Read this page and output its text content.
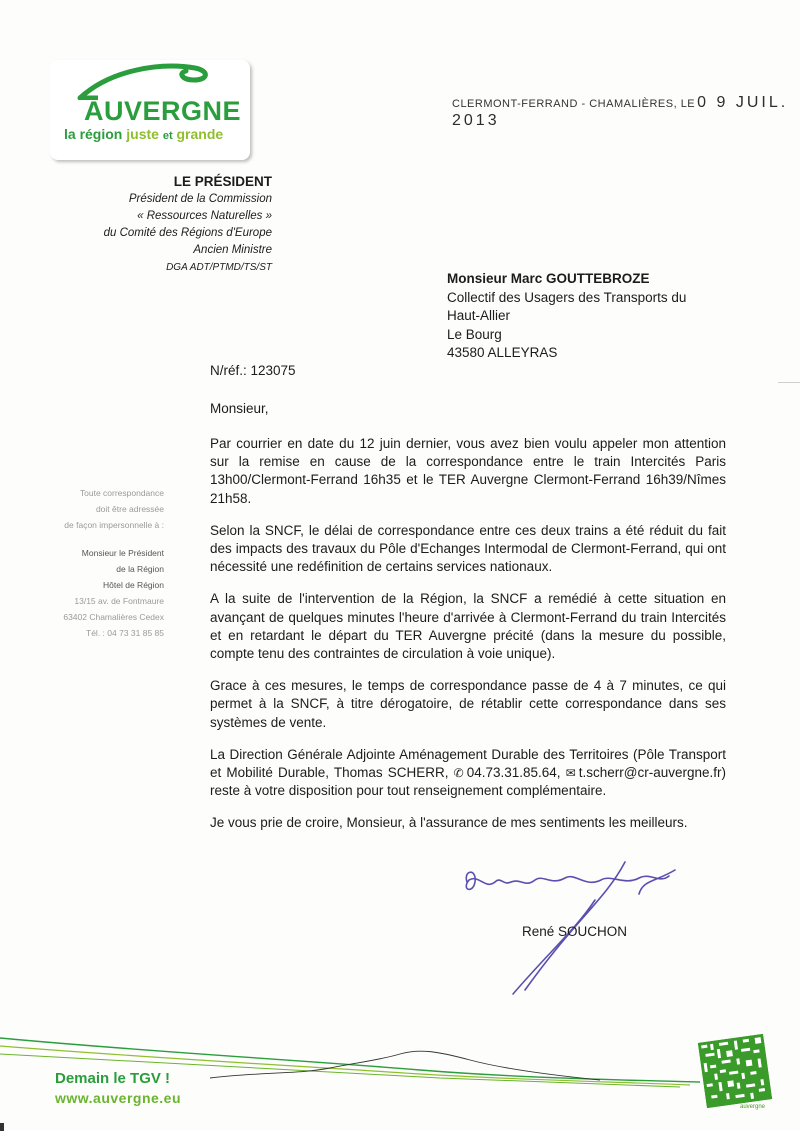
AUVERGNE
la région juste et grande
CLERMONT-FERRAND - CHAMALIÈRES, LE 0 9 JUIL. 2013
LE PRÉSIDENT
Président de la Commission
« Ressources Naturelles »
du Comité des Régions d'Europe
Ancien Ministre
DGA ADT/PTMD/TS/ST
Monsieur Marc GOUTTEBROZE
Collectif des Usagers des Transports du
Haut-Allier
Le Bourg
43580 ALLEYRAS
N/réf.: 123075
Monsieur,

Par courrier en date du 12 juin dernier, vous avez bien voulu appeler mon attention sur la remise en cause de la correspondance entre le train Intercités Paris 13h00/Clermont-Ferrand 16h35 et le TER Auvergne Clermont-Ferrand 16h39/Nîmes 21h58.

Selon la SNCF, le délai de correspondance entre ces deux trains a été réduit du fait des impacts des travaux du Pôle d'Echanges Intermodal de Clermont-Ferrand, qui ont nécessité une redéfinition de certains services nationaux.

A la suite de l'intervention de la Région, la SNCF a remédié à cette situation en avançant de quelques minutes l'heure d'arrivée à Clermont-Ferrand du train Intercités et en retardant le départ du TER Auvergne précité (dans la mesure du possible, compte tenu des contraintes de circulation à voie unique).

Grace à ces mesures, le temps de correspondance passe de 4 à 7 minutes, ce qui permet à la SNCF, à titre dérogatoire, de rétablir cette correspondance dans ses systèmes de vente.

La Direction Générale Adjointe Aménagement Durable des Territoires (Pôle Transport et Mobilité Durable, Thomas SCHERR, ✆ 04.73.31.85.64, ✉ t.scherr@cr-auvergne.fr) reste à votre disposition pour tout renseignement complémentaire.

Je vous prie de croire, Monsieur, à l'assurance de mes sentiments les meilleurs.

Toute correspondance
doit être adressée
de façon impersonnelle à :
Monsieur le Président
de la Région
Hôtel de Région
13/15 av. de Fontmaure
63402 Chamalières Cedex
Tél. : 04 73 31 85 85
René SOUCHON
Demain le TGV !
www.auvergne.eu
auvergne
